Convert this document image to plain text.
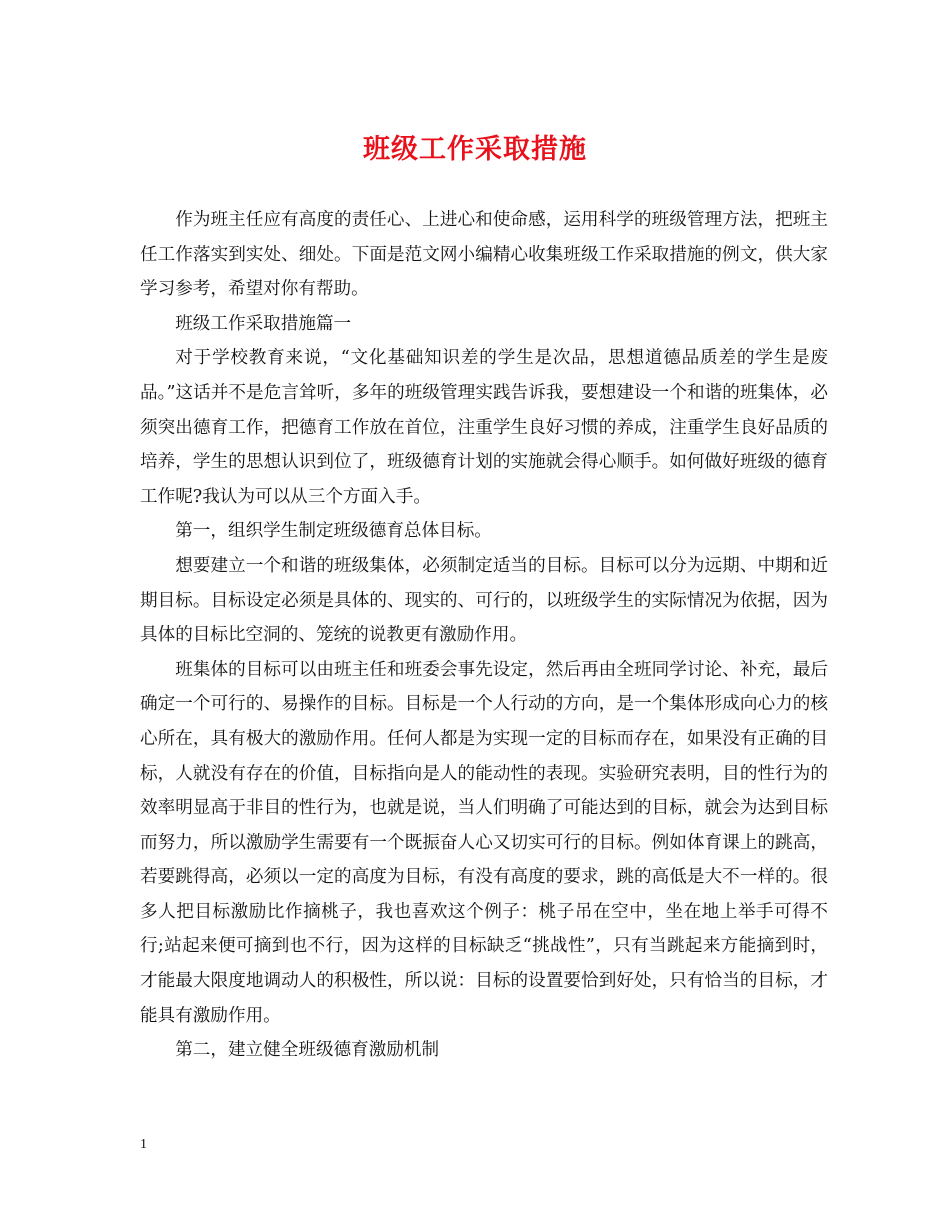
班级工作采取措施

作为班主任应有高度的责任心、上进心和使命感，运用科学的班级管理方法，把班主任工作落实到实处、细处。下面是范文网小编精心收集班级工作采取措施的例文，供大家学习参考，希望对你有帮助。

班级工作采取措施篇一

对于学校教育来说，“文化基础知识差的学生是次品，思想道德品质差的学生是废品。”这话并不是危言耸听，多年的班级管理实践告诉我，要想建设一个和谐的班集体，必须突出德育工作，把德育工作放在首位，注重学生良好习惯的养成，注重学生良好品质的培养，学生的思想认识到位了，班级德育计划的实施就会得心顺手。如何做好班级的德育工作呢?我认为可以从三个方面入手。

第一，组织学生制定班级德育总体目标。

想要建立一个和谐的班级集体，必须制定适当的目标。目标可以分为远期、中期和近期目标。目标设定必须是具体的、现实的、可行的，以班级学生的实际情况为依据，因为具体的目标比空洞的、笼统的说教更有激励作用。

班集体的目标可以由班主任和班委会事先设定，然后再由全班同学讨论、补充，最后确定一个可行的、易操作的目标。目标是一个人行动的方向，是一个集体形成向心力的核心所在，具有极大的激励作用。任何人都是为实现一定的目标而存在，如果没有正确的目标，人就没有存在的价值，目标指向是人的能动性的表现。实验研究表明，目的性行为的效率明显高于非目的性行为，也就是说，当人们明确了可能达到的目标，就会为达到目标而努力，所以激励学生需要有一个既振奋人心又切实可行的目标。例如体育课上的跳高，若要跳得高，必须以一定的高度为目标，有没有高度的要求，跳的高低是大不一样的。很多人把目标激励比作摘桃子，我也喜欢这个例子：桃子吊在空中，坐在地上举手可得不行;站起来便可摘到也不行，因为这样的目标缺乏“挑战性”，只有当跳起来方能摘到时，才能最大限度地调动人的积极性，所以说：目标的设置要恰到好处，只有恰当的目标，才能具有激励作用。

第二，建立健全班级德育激励机制

1
